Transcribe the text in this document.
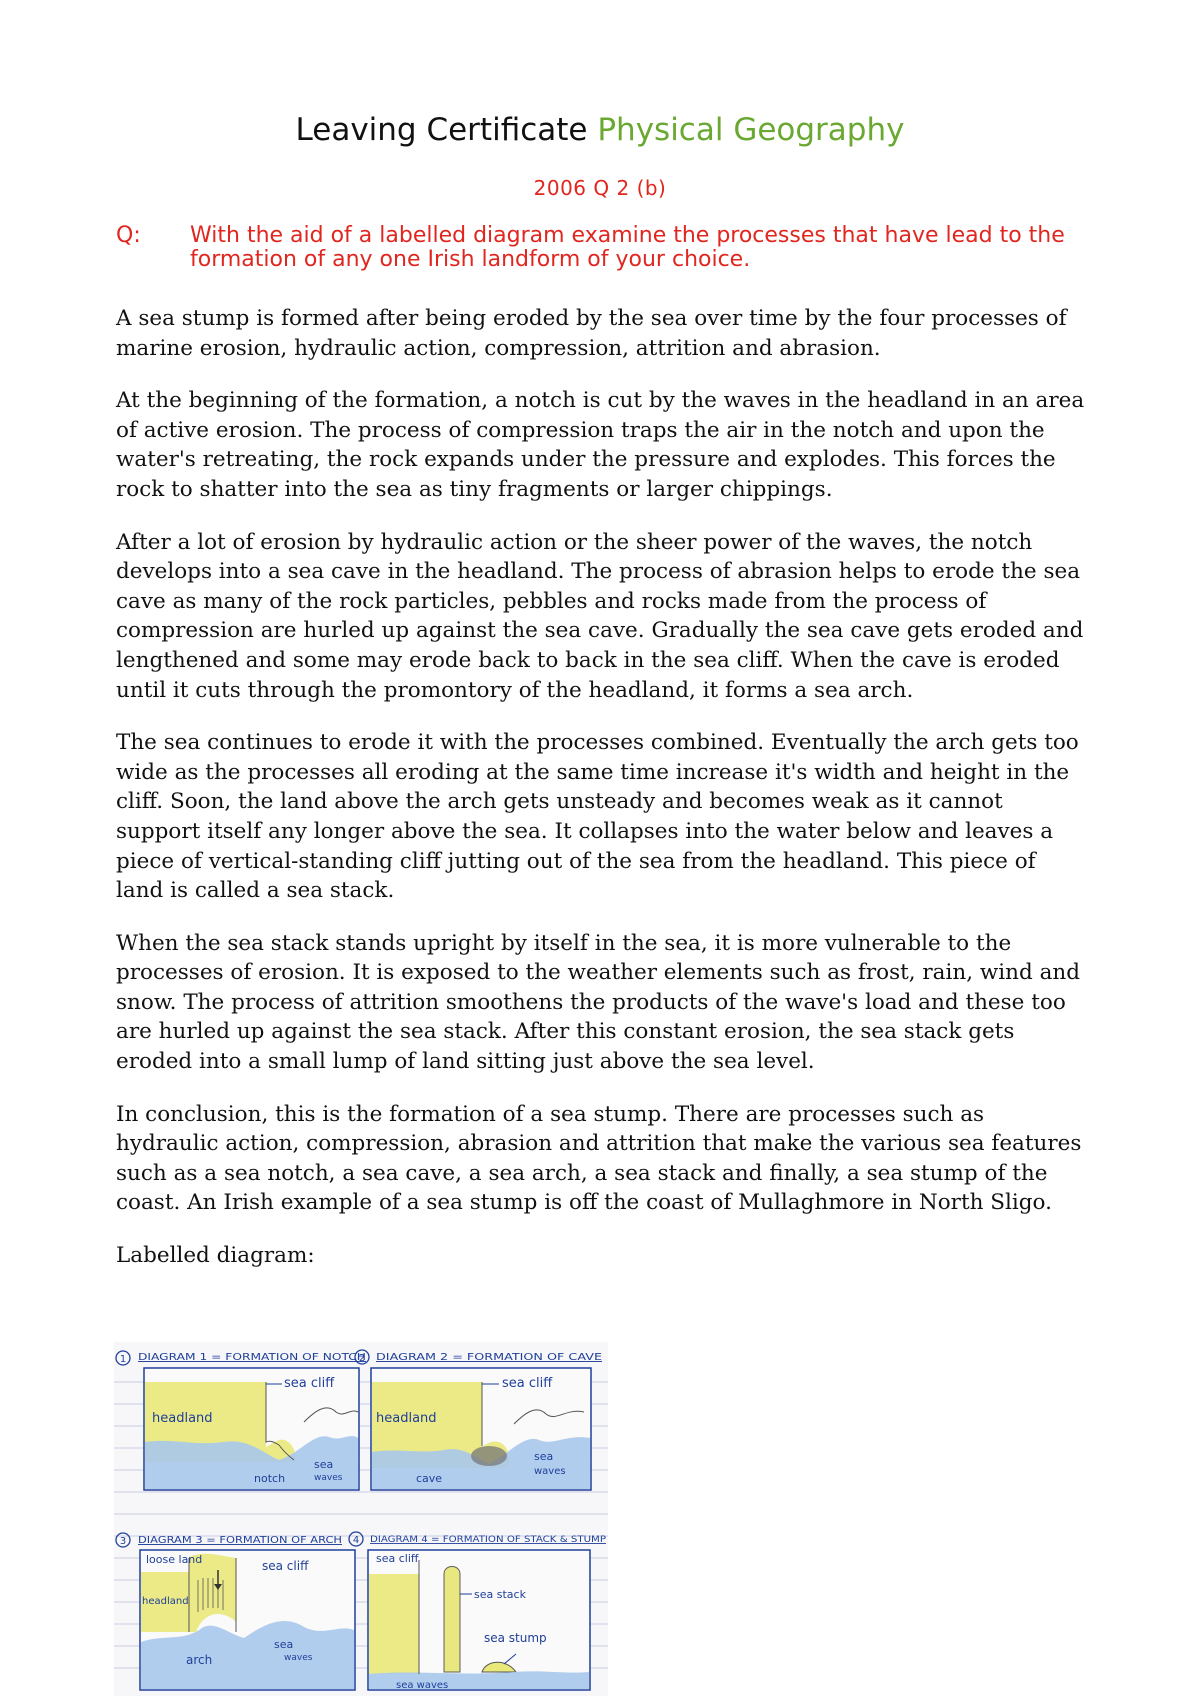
Leaving Certificate Physical Geography
2006 Q 2 (b)
Q: With the aid of a labelled diagram examine the processes that have lead to the formation of any one Irish landform of your choice.

A sea stump is formed after being eroded by the sea over time by the four processes of marine erosion, hydraulic action, compression, attrition and abrasion.

At the beginning of the formation, a notch is cut by the waves in the headland in an area of active erosion. The process of compression traps the air in the notch and upon the water's retreating, the rock expands under the pressure and explodes. This forces the rock to shatter into the sea as tiny fragments or larger chippings.

After a lot of erosion by hydraulic action or the sheer power of the waves, the notch develops into a sea cave in the headland. The process of abrasion helps to erode the sea cave as many of the rock particles, pebbles and rocks made from the process of compression are hurled up against the sea cave. Gradually the sea cave gets eroded and lengthened and some may erode back to back in the sea cliff. When the cave is eroded until it cuts through the promontory of the headland, it forms a sea arch.

The sea continues to erode it with the processes combined. Eventually the arch gets too wide as the processes all eroding at the same time increase it's width and height in the cliff. Soon, the land above the arch gets unsteady and becomes weak as it cannot support itself any longer above the sea. It collapses into the water below and leaves a piece of vertical-standing cliff jutting out of the sea from the headland. This piece of land is called a sea stack.

When the sea stack stands upright by itself in the sea, it is more vulnerable to the processes of erosion. It is exposed to the weather elements such as frost, rain, wind and snow. The process of attrition smoothens the products of the wave's load and these too are hurled up against the sea stack. After this constant erosion, the sea stack gets eroded into a small lump of land sitting just above the sea level.

In conclusion, this is the formation of a sea stump. There are processes such as hydraulic action, compression, abrasion and attrition that make the various sea features such as a sea notch, a sea cave, a sea arch, a sea stack and finally, a sea stump of the coast. An Irish example of a sea stump is off the coast of Mullaghmore in North Sligo.

Labelled diagram:

1 DIAGRAM 1 = FORMATION OF NOTCH
sea cliff
headland
notch
sea
waves
2 DIAGRAM 2 = FORMATION OF CAVE
sea cliff
headland
cave
sea
waves
3 DIAGRAM 3 = FORMATION OF ARCH
loose land	sea cliff
headland
arch
sea
waves
4 DIAGRAM 4 = FORMATION OF STACK & STUMP
sea cliff
sea stack
sea stump
sea waves
